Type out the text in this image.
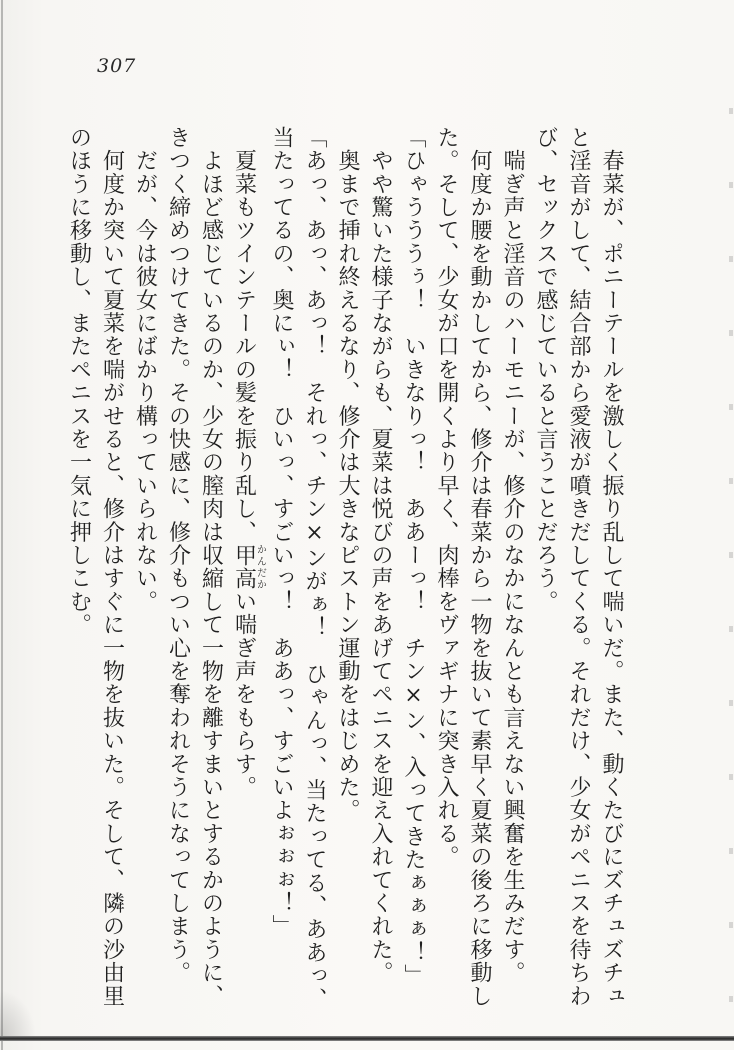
307
　春菜が、ポニーテールを激しく振り乱して喘いだ。また、動くたびにズチュズチュ
と淫音がして、結合部から愛液が噴きだしてくる。それだけ、少女がペニスを待ちわ
び、セックスで感じていると言うことだろう。
　喘ぎ声と淫音のハーモニーが、修介のなかになんとも言えない興奮を生みだす。
　何度か腰を動かしてから、修介は春菜から一物を抜いて素早く夏菜の後ろに移動し
た。そして、少女が口を開くより早く、肉棒をヴァギナに突き入れる。
「ひゃうううぅ！　いきなりっ！　ああーっ！　チン×ン、入ってきたぁぁぁ！」
　やや驚いた様子ながらも、夏菜は悦びの声をあげてペニスを迎え入れてくれた。
　奥まで挿れ終えるなり、修介は大きなピストン運動をはじめた。
「あっ、あっ、あっ！　それっ、チン×ンがぁ！　ひゃんっ、当たってる、ああっ、
当たってるの、奥にぃ！　ひいっ、すごいっ！　ああっ、すごいよぉぉぉ！」
　夏菜もツインテールの髪を振り乱し、甲高かんだかい喘ぎ声をもらす。
　よほど感じているのか、少女の膣肉は収縮して一物を離すまいとするかのように、
きつく締めつけてきた。その快感に、修介もつい心を奪われそうになってしまう。
　だが、今は彼女にばかり構っていられない。
　何度か突いて夏菜を喘がせると、修介はすぐに一物を抜いた。そして、隣の沙由里
のほうに移動し、またペニスを一気に押しこむ。
